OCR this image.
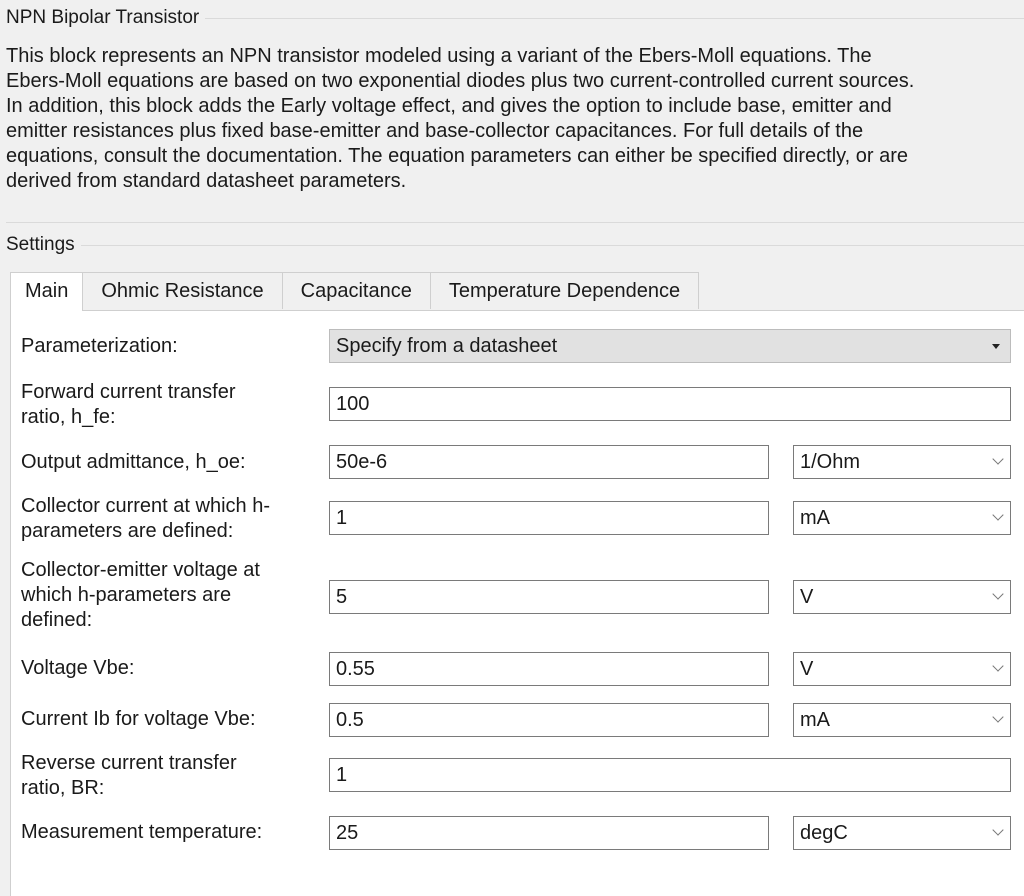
NPN Bipolar Transistor
This block represents an NPN transistor modeled using a variant of the Ebers-Moll equations. The
Ebers-Moll equations are based on two exponential diodes plus two current-controlled current sources.
In addition, this block adds the Early voltage effect, and gives the option to include base, emitter and
emitter resistances plus fixed base-emitter and base-collector capacitances. For full details of the
equations, consult the documentation. The equation parameters can either be specified directly, or are
derived from standard datasheet parameters.
Settings
Main	Ohmic Resistance	Capacitance	Temperature Dependence
Parameterization:	Specify from a datasheet
Forward current transfer
ratio, h_fe:
100
Output admittance, h_oe:	50e-6	1/Ohm
Collector current at which h-
parameters are defined:
1	mA
Collector-emitter voltage at
which h-parameters are
defined:
5	V
Voltage Vbe:	0.55	V
Current Ib for voltage Vbe:	0.5	mA
Reverse current transfer
ratio, BR:
1
Measurement temperature:	25	degC
